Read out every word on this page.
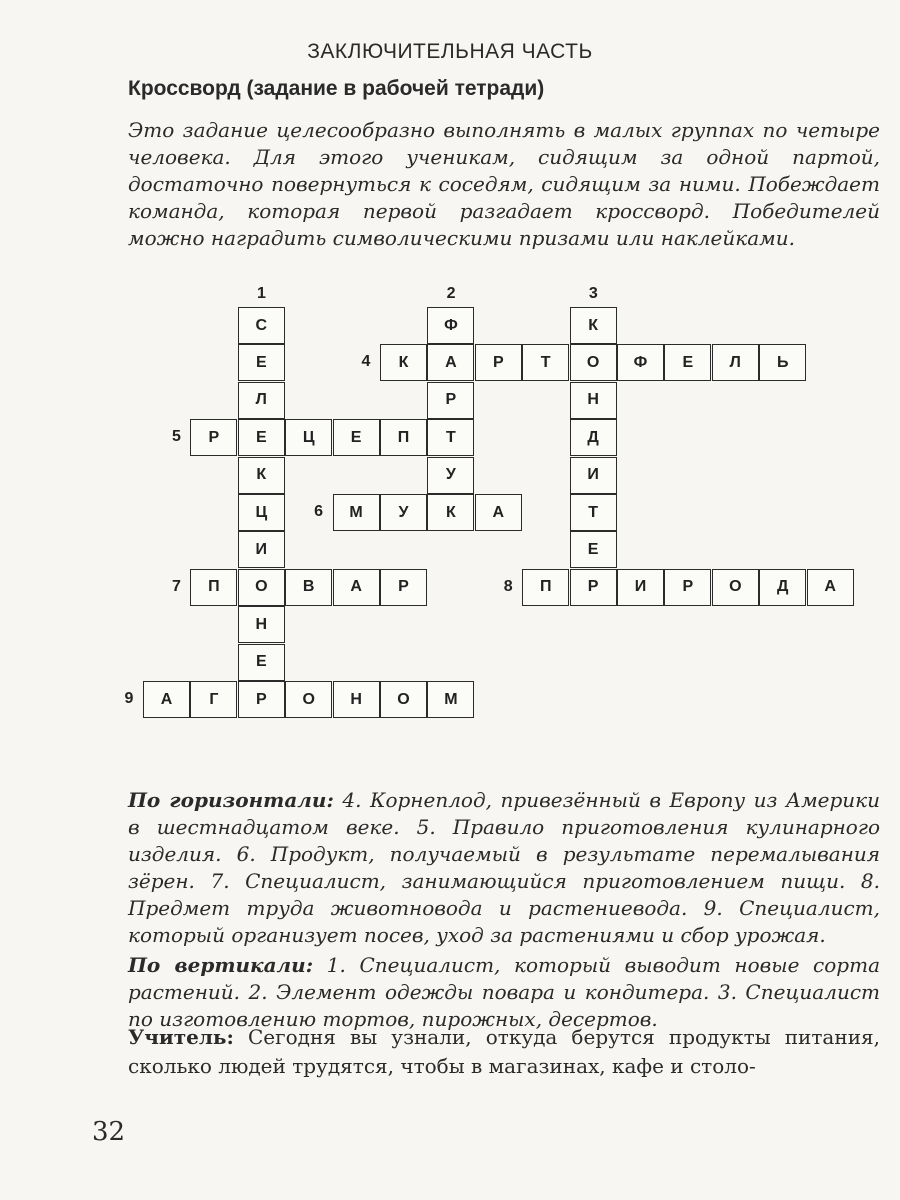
ЗАКЛЮЧИТЕЛЬНАЯ ЧАСТЬ
Кроссворд (задание в рабочей тетради)
Это задание целесообразно выполнять в малых группах по четыре человека. Для этого ученикам, сидящим за одной партой, достаточно повернуться к соседям, сидящим за ними. Побеждает команда, которая первой разгадает кроссворд. Победителей можно наградить символическими призами или наклейками.
С
Е
Л
Е
К
Ц
И
О
Н
Е
Р
Ф
А
Р
Т
У
К
К
О
Н
Д
И
Т
Е
Р
К	Р	Т	Ф	Е	Л	Ь
Р	Ц	Е	П
М	У	А
П	В	А	Р	П	И	Р	О	Д	А
А	Г	О	Н	О	М
1	2	3
4
5
6
7	8
9
По горизонтали: 4. Корнеплод, привезённый в Европу из Америки в шестнадцатом веке. 5. Правило приготовления кулинарного изделия. 6. Продукт, получаемый в результате перемалывания зёрен. 7. Специалист, занимающийся приготовлением пищи. 8. Предмет труда животновода и растениевода. 9. Специалист, который организует посев, уход за растениями и сбор урожая.
По вертикали: 1. Специалист, который выводит новые сорта растений. 2. Элемент одежды повара и кондитера. 3. Специалист по изготовлению тортов, пирожных, десертов.
Учитель: Сегодня вы узнали, откуда берутся продукты питания, сколько людей трудятся, чтобы в магазинах, кафе и столо-
32
